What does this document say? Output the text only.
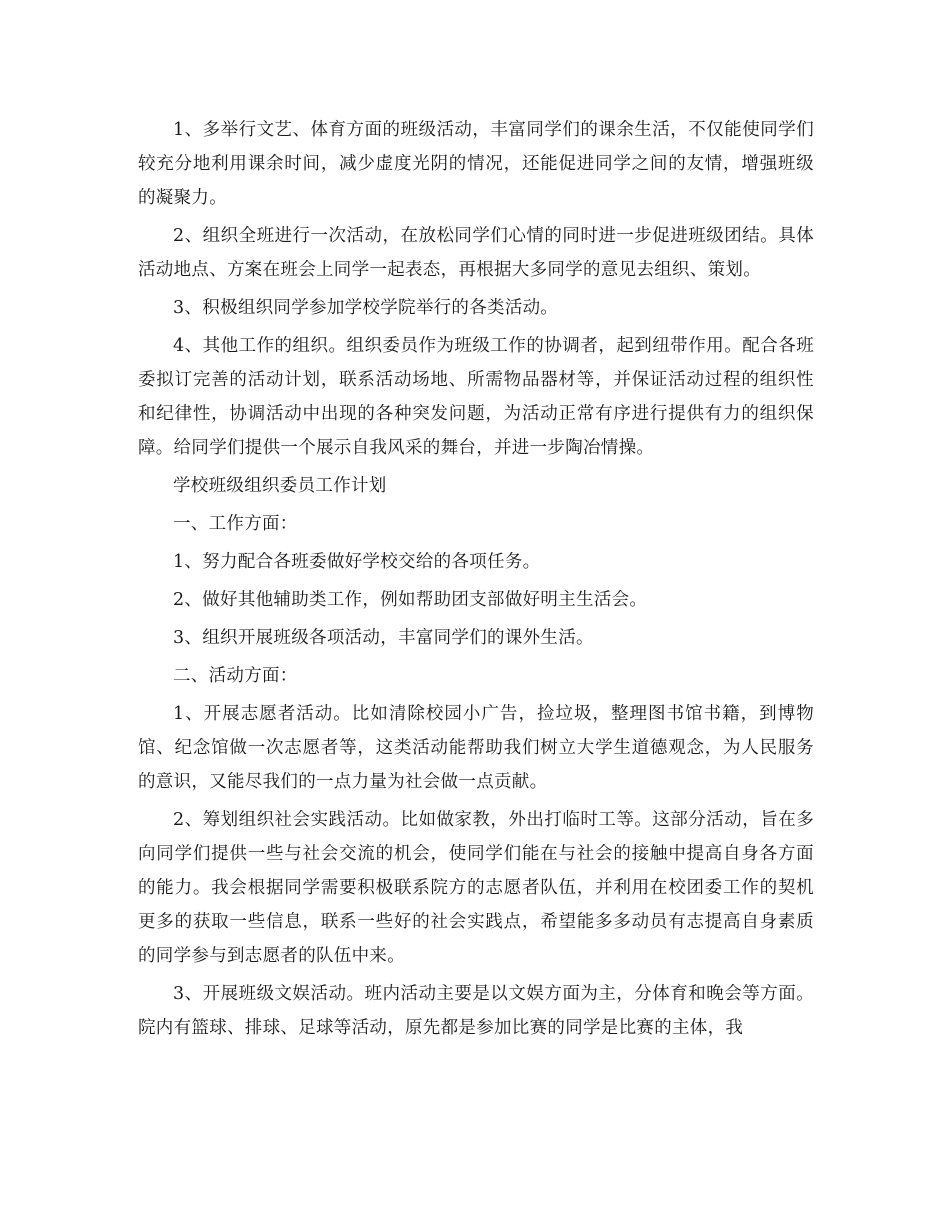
1、多举行文艺、体育方面的班级活动，丰富同学们的课余生活，不仅能使同学们较充分地利用课余时间，减少虚度光阴的情况，还能促进同学之间的友情，增强班级的凝聚力。

2、组织全班进行一次活动，在放松同学们心情的同时进一步促进班级团结。具体活动地点、方案在班会上同学一起表态，再根据大多同学的意见去组织、策划。

3、积极组织同学参加学校学院举行的各类活动。

4、其他工作的组织。组织委员作为班级工作的协调者，起到纽带作用。配合各班委拟订完善的活动计划，联系活动场地、所需物品器材等，并保证活动过程的组织性和纪律性，协调活动中出现的各种突发问题，为活动正常有序进行提供有力的组织保障。给同学们提供一个展示自我风采的舞台，并进一步陶冶情操。

学校班级组织委员工作计划

一、工作方面：

1、努力配合各班委做好学校交给的各项任务。

2、做好其他辅助类工作，例如帮助团支部做好明主生活会。

3、组织开展班级各项活动，丰富同学们的课外生活。

二、活动方面：

1、开展志愿者活动。比如清除校园小广告，捡垃圾，整理图书馆书籍，到博物馆、纪念馆做一次志愿者等，这类活动能帮助我们树立大学生道德观念，为人民服务的意识，又能尽我们的一点力量为社会做一点贡献。

2、筹划组织社会实践活动。比如做家教，外出打临时工等。这部分活动，旨在多向同学们提供一些与社会交流的机会，使同学们能在与社会的接触中提高自身各方面的能力。我会根据同学需要积极联系院方的志愿者队伍，并利用在校团委工作的契机更多的获取一些信息，联系一些好的社会实践点，希望能多多动员有志提高自身素质的同学参与到志愿者的队伍中来。

3、开展班级文娱活动。班内活动主要是以文娱方面为主，分体育和晚会等方面。院内有篮球、排球、足球等活动，原先都是参加比赛的同学是比赛的主体，我
